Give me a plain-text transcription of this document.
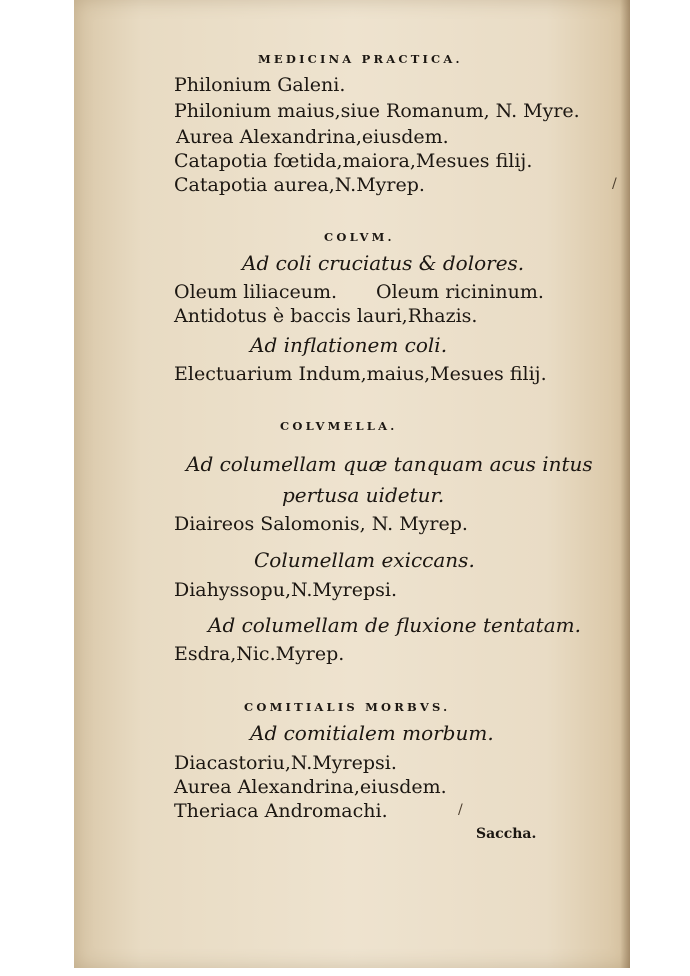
MEDICINA PRACTICA.
Philonium Galeni.
Philonium maius,siue Romanum, N. Myre.
Aurea Alexandrina,eiusdem.
Catapotia fœtida,maiora,Mesues filij.
Catapotia aurea,N.Myrep.
COLVM.
Ad coli cruciatus & dolores.
Oleum liliaceum. Oleum ricininum.
Antidotus è baccis lauri,Rhazis.
Ad inflationem coli.
Electuarium Indum,maius,Mesues filij.
COLVMELLA.
Ad columellam quæ tanquam acus intus
pertusa uidetur.
Diaireos Salomonis, N. Myrep.
Columellam exiccans.
Diahyssopu,N.Myrepsi.
Ad columellam de fluxione tentatam.
Esdra,Nic.Myrep.
COMITIALIS MORBVS.
Ad comitialem morbum.
Diacastoriu,N.Myrepsi.
Aurea Alexandrina,eiusdem.
Theriaca Andromachi.
Saccha.
/
/
